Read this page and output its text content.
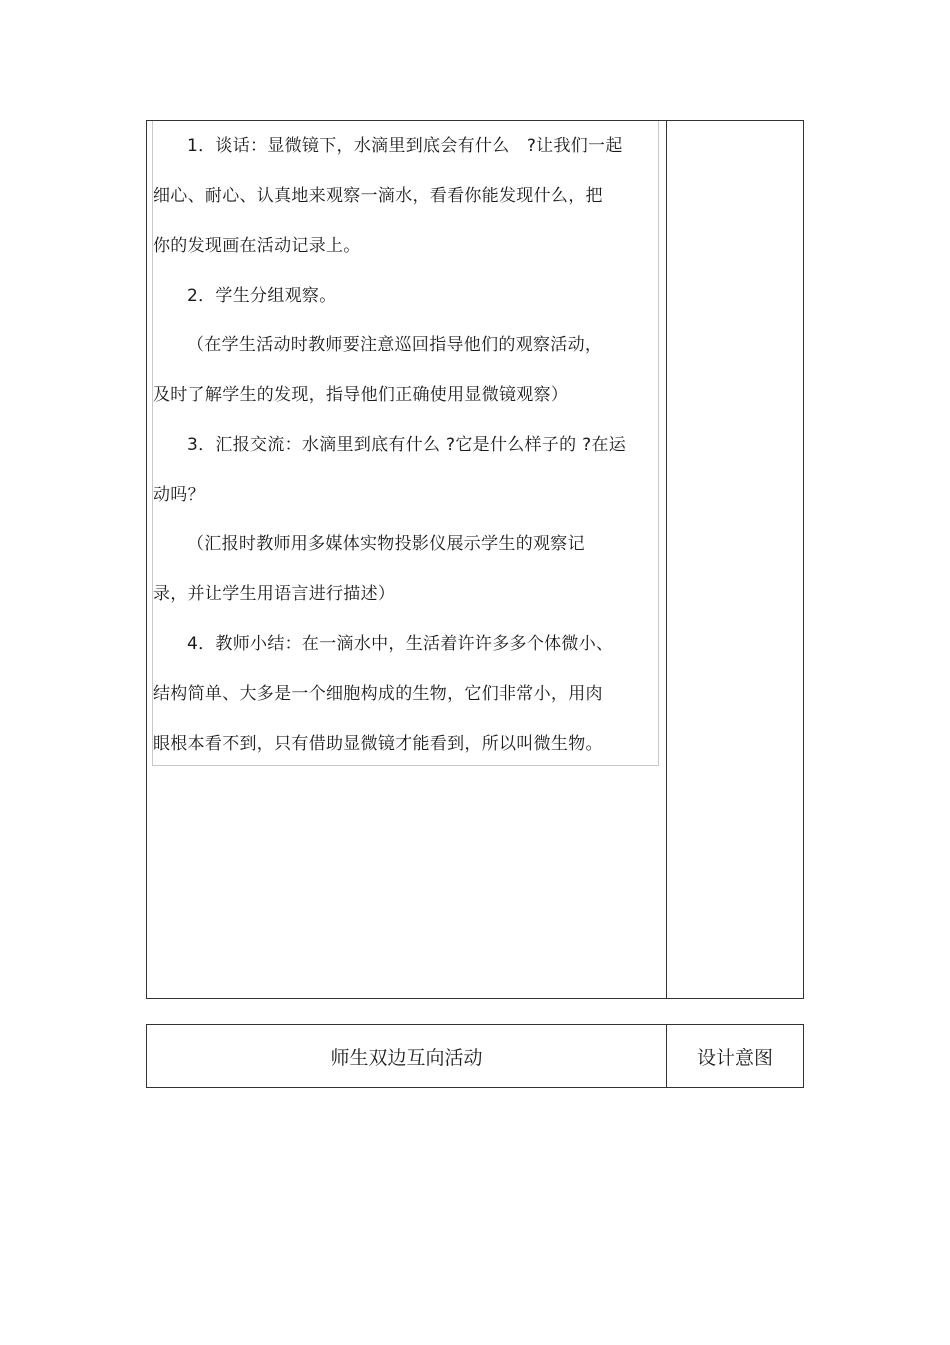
1．谈话：显微镜下，水滴里到底会有什么　?让我们一起
细心、耐心、认真地来观察一滴水，看看你能发现什么，把
你的发现画在活动记录上。
2．学生分组观察。
（在学生活动时教师要注意巡回指导他们的观察活动，
及时了解学生的发现，指导他们正确使用显微镜观察）
3．汇报交流：水滴里到底有什么 ?它是什么样子的 ?在运
动吗？
（汇报时教师用多媒体实物投影仪展示学生的观察记
录，并让学生用语言进行描述）
4．教师小结：在一滴水中，生活着许许多多个体微小、
结构简单、大多是一个细胞构成的生物，它们非常小，用肉
眼根本看不到，只有借助显微镜才能看到，所以叫微生物。
师生双边互向活动	设计意图
